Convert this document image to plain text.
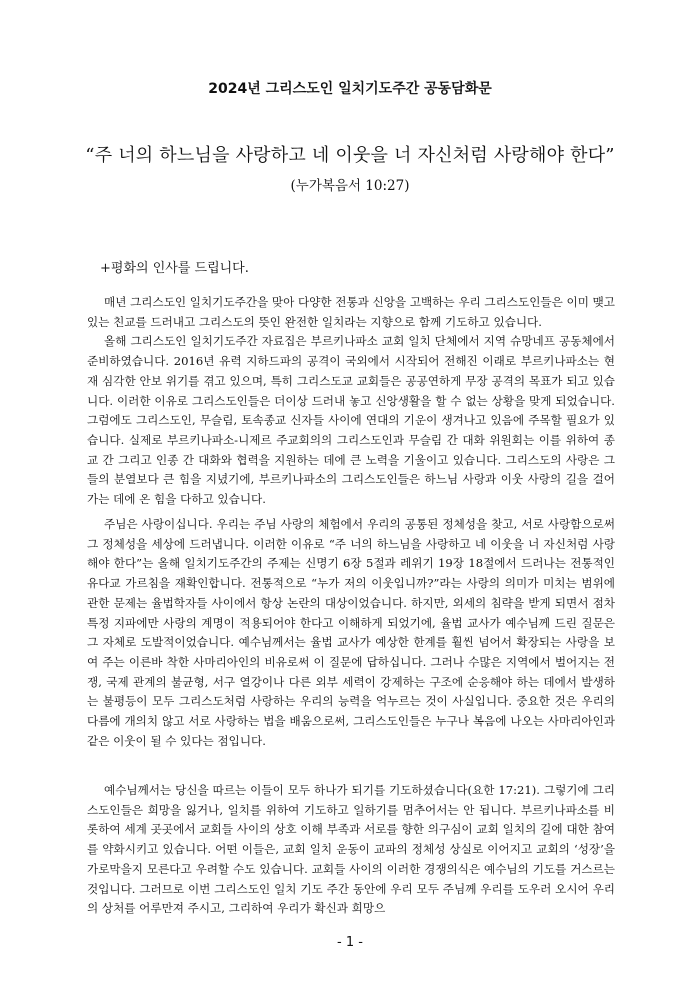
2024년 그리스도인 일치기도주간 공동담화문
“주 너의 하느님을 사랑하고 네 이웃을 너 자신처럼 사랑해야 한다”
(누가복음서 10:27)
+평화의 인사를 드립니다.

매년 그리스도인 일치기도주간을 맞아 다양한 전통과 신앙을 고백하는 우리 그리스도인들은 이미 맺고 있는 친교를 드러내고 그리스도의 뜻인 완전한 일치라는 지향으로 함께 기도하고 있습니다.

올해 그리스도인 일치기도주간 자료집은 부르키나파소 교회 일치 단체에서 지역 슈망네프 공동체에서 준비하였습니다. 2016년 유력 지하드파의 공격이 국외에서 시작되어 전해진 이래로 부르키나파소는 현재 심각한 안보 위기를 겪고 있으며, 특히 그리스도교 교회들은 공공연하게 무장 공격의 목표가 되고 있습니다. 이러한 이유로 그리스도인들은 더이상 드러내 놓고 신앙생활을 할 수 없는 상황을 맞게 되었습니다. 그럼에도 그리스도인, 무슬림, 토속종교 신자들 사이에 연대의 기운이 생겨나고 있음에 주목할 필요가 있습니다. 실제로 부르키나파소-니제르 주교회의의 그리스도인과 무슬림 간 대화 위원회는 이를 위하여 종교 간 그리고 인종 간 대화와 협력을 지원하는 데에 큰 노력을 기울이고 있습니다. 그리스도의 사랑은 그들의 분열보다 큰 힘을 지녔기에, 부르키나파소의 그리스도인들은 하느님 사랑과 이웃 사랑의 길을 걸어가는 데에 온 힘을 다하고 있습니다.

주님은 사랑이십니다. 우리는 주님 사랑의 체험에서 우리의 공통된 정체성을 찾고, 서로 사랑함으로써 그 정체성을 세상에 드러냅니다. 이러한 이유로 “주 너의 하느님을 사랑하고 네 이웃을 너 자신처럼 사랑해야 한다”는 올해 일치기도주간의 주제는 신명기 6장 5절과 레위기 19장 18절에서 드러나는 전통적인 유다교 가르침을 재확인합니다. 전통적으로 “누가 저의 이웃입니까?”라는 사랑의 의미가 미치는 범위에 관한 문제는 율법학자들 사이에서 항상 논란의 대상이었습니다. 하지만, 외세의 침략을 받게 되면서 점차 특정 지파에만 사랑의 계명이 적용되어야 한다고 이해하게 되었기에, 율법 교사가 예수님께 드린 질문은 그 자체로 도발적이었습니다. 예수님께서는 율법 교사가 예상한 한계를 훨씬 넘어서 확장되는 사랑을 보여 주는 이른바 착한 사마리아인의 비유로써 이 질문에 답하십니다. 그러나 수많은 지역에서 벌어지는 전쟁, 국제 관계의 불균형, 서구 열강이나 다른 외부 세력이 강제하는 구조에 순응해야 하는 데에서 발생하는 불평등이 모두 그리스도처럼 사랑하는 우리의 능력을 억누르는 것이 사실입니다. 중요한 것은 우리의 다름에 개의치 않고 서로 사랑하는 법을 배움으로써, 그리스도인들은 누구나 복음에 나오는 사마리아인과 같은 이웃이 될 수 있다는 점입니다.

예수님께서는 당신을 따르는 이들이 모두 하나가 되기를 기도하셨습니다(요한 17:21). 그렇기에 그리스도인들은 희망을 잃거나, 일치를 위하여 기도하고 일하기를 멈추어서는 안 됩니다. 부르키나파소를 비롯하여 세계 곳곳에서 교회들 사이의 상호 이해 부족과 서로를 향한 의구심이 교회 일치의 길에 대한 참여를 약화시키고 있습니다. 어떤 이들은, 교회 일치 운동이 교파의 정체성 상실로 이어지고 교회의 ‘성장’을 가로막을지 모른다고 우려할 수도 있습니다. 교회들 사이의 이러한 경쟁의식은 예수님의 기도를 거스르는 것입니다. 그러므로 이번 그리스도인 일치 기도 주간 동안에 우리 모두 주님께 우리를 도우러 오시어 우리의 상처를 어루만져 주시고, 그리하여 우리가 확신과 희망으

- 1 -
